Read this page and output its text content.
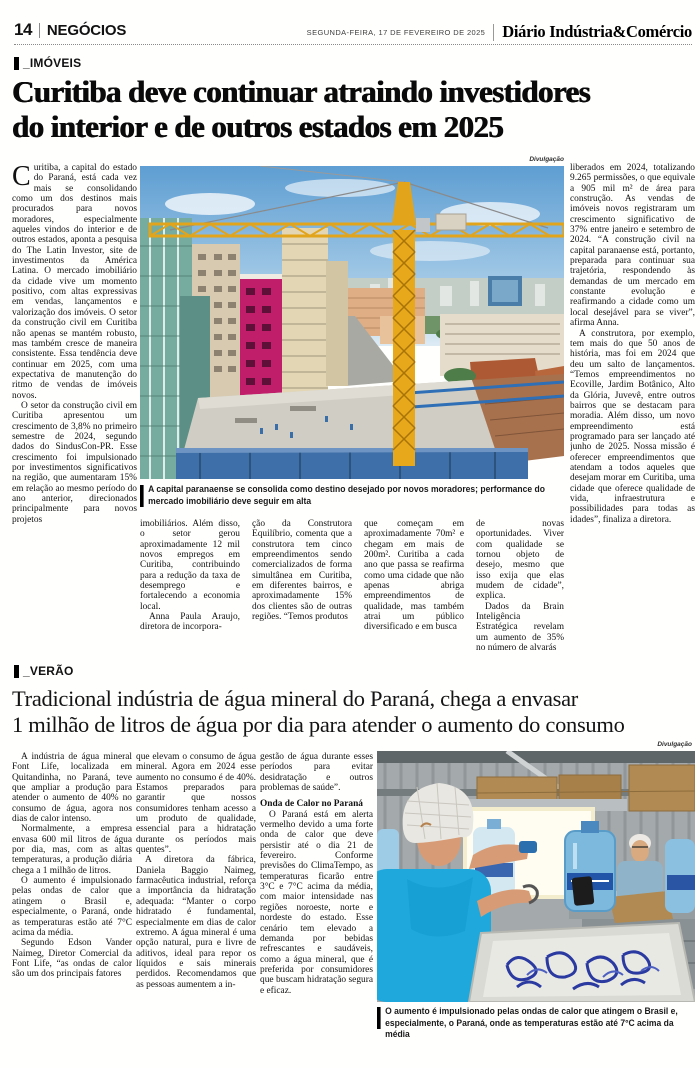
14 NEGÓCIOS	SEGUNDA-FEIRA, 17 DE FEVEREIRO DE 2025 Diário Indústria&Comércio
_IMÓVEIS
Curitiba deve continuar atraindo investidores
do interior e de outros estados em 2025
Divulgação
A capital paranaense se consolida como destino desejado por novos moradores; performance do mercado imobiliário deve seguir em alta

Curitiba, a capital do estado do Paraná, está cada vez mais se consolidando como um dos destinos mais procurados para novos moradores, especialmente aqueles vindos do interior e de outros estados, aponta a pesquisa do The Latin Investor, site de investimentos da América Latina. O mercado imobiliário da cidade vive um momento positivo, com altas expressivas em vendas, lançamentos e valorização dos imóveis. O setor da construção civil em Curitiba não apenas se mantém robusto, mas também cresce de maneira consistente. Essa tendência deve continuar em 2025, com uma expectativa de manutenção do ritmo de vendas de imóveis novos.

O setor da construção civil em Curitiba apresentou um crescimento de 3,8% no primeiro semestre de 2024, segundo dados do SindusCon-PR. Esse crescimento foi impulsionado por investimentos significativos na região, que aumentaram 15% em relação ao mesmo período do ano anterior, direcionados principalmente para novos projetos	imobiliários. Além disso, o setor gerou aproximadamente 12 mil novos empregos em Curitiba, contribuindo para a redução da taxa de desemprego e fortalecendo a economia local.

Anna Paula Araujo, diretora de incorpora-

ção da Construtora Equilíbrio, comenta que a construtora tem cinco empreendimentos sendo comercializados de forma simultânea em Curitiba, em diferentes bairros, e aproximadamente 15% dos clientes são de outras regiões. “Temos produtos

que começam em aproximadamente 70m² e chegam em mais de 200m². Curitiba a cada ano que passa se reafirma como uma cidade que não apenas abriga empreendimentos de qualidade, mas também atrai um público diversificado e em busca

de novas oportunidades. Viver com qualidade se tornou objeto de desejo, mesmo que isso exija que elas mudem de cidade”, explica.

Dados da Brain Inteligência Estratégica revelam um aumento de 35% no número de alvarás

liberados em 2024, totalizando 9.265 permissões, o que equivale a 905 mil m² de área para construção. As vendas de imóveis novos registraram um crescimento significativo de 37% entre janeiro e setembro de 2024. “A construção civil na capital paranaense está, portanto, preparada para continuar sua trajetória, respondendo às demandas de um mercado em constante evolução e reafirmando a cidade como um local desejável para se viver”, afirma Anna.

A construtora, por exemplo, tem mais do que 50 anos de história, mas foi em 2024 que deu um salto de lançamentos. “Temos empreendimentos no Ecoville, Jardim Botânico, Alto da Glória, Juvevê, entre outros bairros que se destacam para moradia. Além disso, um novo empreendimento está programado para ser lançado até junho de 2025. Nossa missão é oferecer empreendimentos que atendam a todos aqueles que desejam morar em Curitiba, uma cidade que oferece qualidade de vida, infraestrutura e possibilidades para todas as idades”, finaliza a diretora.

_VERÃO
Tradicional indústria de água mineral do Paraná, chega a envasar
1 milhão de litros de água por dia para atender o aumento do consumo
Divulgação

A indústria de água mineral Font Life, localizada em Quitandinha, no Paraná, teve que ampliar a produção para atender o aumento de 40% no consumo de água, agora nos dias de calor intenso.

Normalmente, a empresa envasa 600 mil litros de água por dia, mas, com as altas temperaturas, a produção diária chega a 1 milhão de litros.

O aumento é impulsionado pelas ondas de calor que atingem o Brasil e, especialmente, o Paraná, onde as temperaturas estão até 7°C acima da média.

Segundo Edson Vander Naimeg, Diretor Comercial da Font Life, “as ondas de calor são um dos principais fatores

que elevam o consumo de água mineral. Agora em 2024 esse aumento no consumo é de 40%. Estamos preparados para garantir que nossos consumidores tenham acesso a um produto de qualidade, essencial para a hidratação durante os períodos mais quentes”.

A diretora da fábrica, Daniela Baggio Naimeg, farmacêutica industrial, reforça a importância da hidratação adequada: “Manter o corpo hidratado é fundamental, especialmente em dias de calor extremo. A água mineral é uma opção natural, pura e livre de aditivos, ideal para repor os líquidos e sais minerais perdidos. Recomendamos que as pessoas aumentem a in-

gestão de água durante esses períodos para evitar desidratação e outros problemas de saúde”.

Onda de Calor no Paraná

O Paraná está em alerta vermelho devido a uma forte onda de calor que deve persistir até o dia 21 de fevereiro. Conforme previsões do ClimaTempo, as temperaturas ficarão entre 3°C e 7°C acima da média, com maior intensidade nas regiões noroeste, norte e nordeste do estado. Esse cenário tem elevado a demanda por bebidas refrescantes e saudáveis, como a água mineral, que é preferida por consumidores que buscam hidratação segura e eficaz.

O aumento é impulsionado pelas ondas de calor que atingem o Brasil e, especialmente, o Paraná, onde as temperaturas estão até 7°C acima da média
